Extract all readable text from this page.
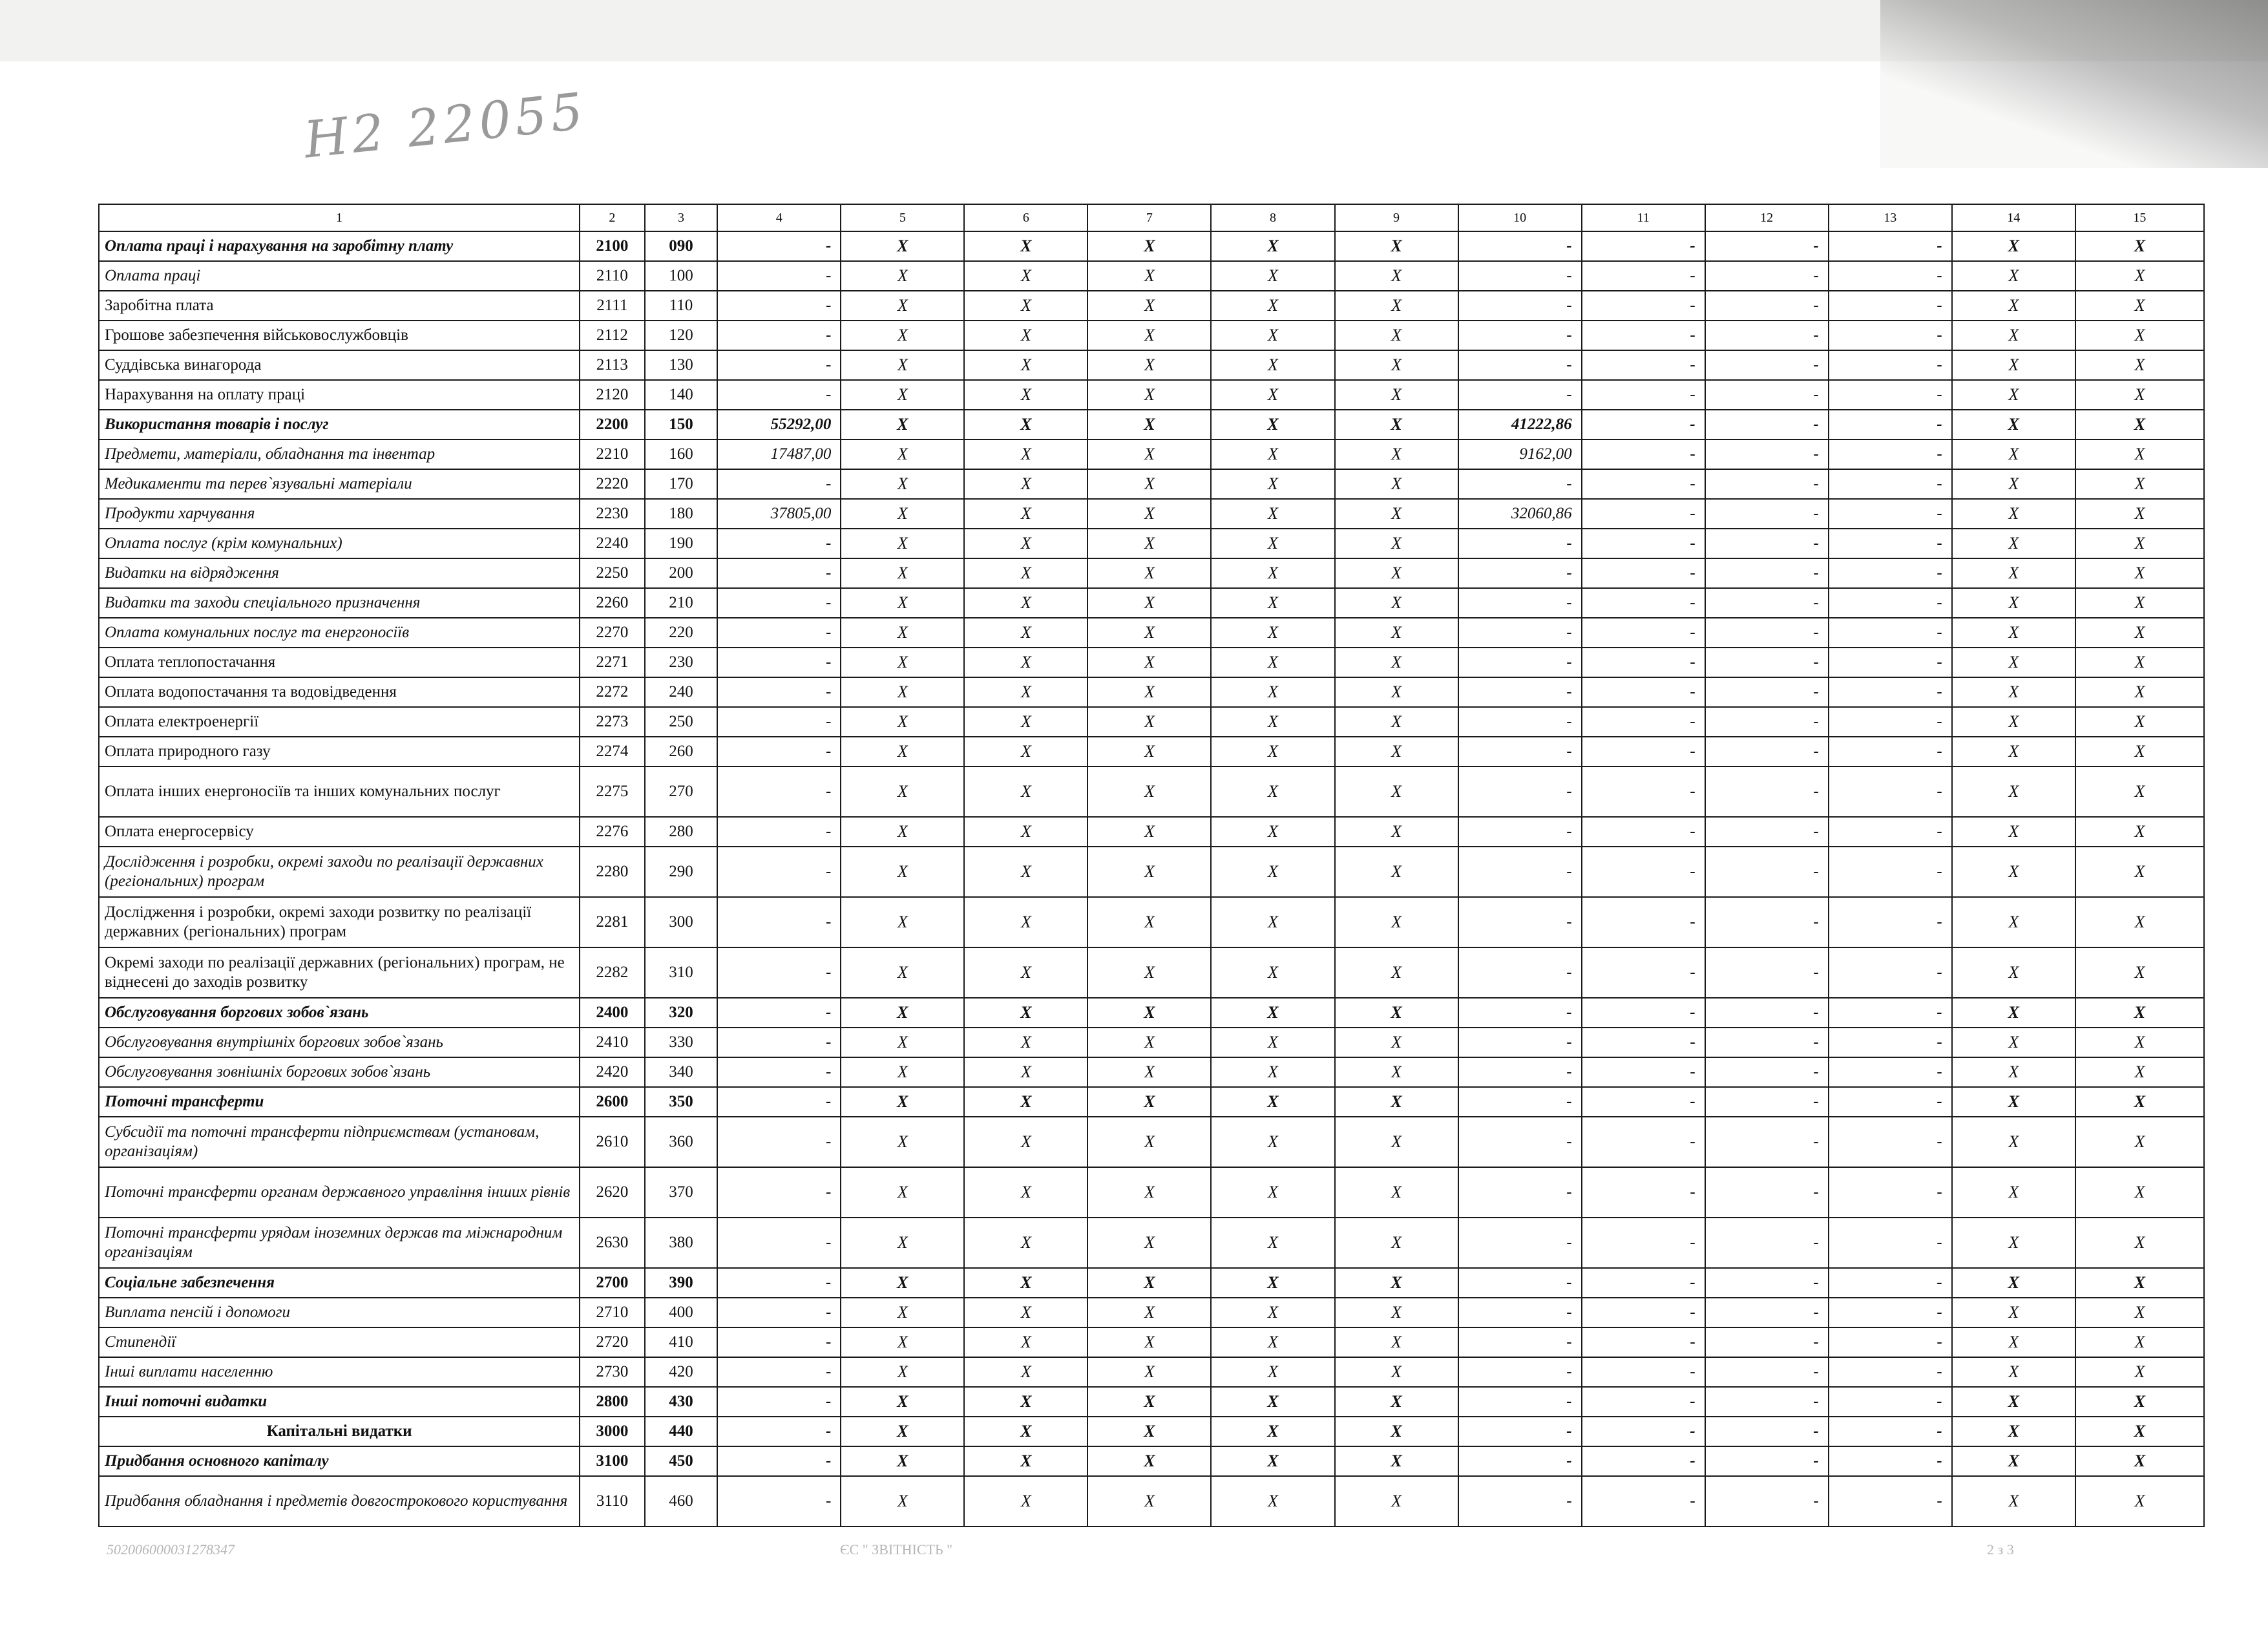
Н2 22055
1	2	3	4	5	6	7	8	9	10	11	12	13	14	15
Оплата праці і нарахування на заробітну плату	2100	090	-	X	X	X	X	X	-	-	-	-	X	X
Оплата праці	2110	100	-	X	X	X	X	X	-	-	-	-	X	X
Заробітна плата	2111	110	-	X	X	X	X	X	-	-	-	-	X	X
Грошове забезпечення військовослужбовців	2112	120	-	X	X	X	X	X	-	-	-	-	X	X
Суддівська винагорода	2113	130	-	X	X	X	X	X	-	-	-	-	X	X
Нарахування на оплату праці	2120	140	-	X	X	X	X	X	-	-	-	-	X	X
Використання товарів і послуг	2200	150	55292,00	X	X	X	X	X	41222,86	-	-	-	X	X
Предмети, матеріали, обладнання та інвентар	2210	160	17487,00	X	X	X	X	X	9162,00	-	-	-	X	X
Медикаменти та перев`язувальні матеріали	2220	170	-	X	X	X	X	X	-	-	-	-	X	X
Продукти харчування	2230	180	37805,00	X	X	X	X	X	32060,86	-	-	-	X	X
Оплата послуг (крім комунальних)	2240	190	-	X	X	X	X	X	-	-	-	-	X	X
Видатки на відрядження	2250	200	-	X	X	X	X	X	-	-	-	-	X	X
Видатки та заходи спеціального призначення	2260	210	-	X	X	X	X	X	-	-	-	-	X	X
Оплата комунальних послуг та енергоносіїв	2270	220	-	X	X	X	X	X	-	-	-	-	X	X
Оплата теплопостачання	2271	230	-	X	X	X	X	X	-	-	-	-	X	X
Оплата водопостачання та водовідведення	2272	240	-	X	X	X	X	X	-	-	-	-	X	X
Оплата електроенергії	2273	250	-	X	X	X	X	X	-	-	-	-	X	X
Оплата природного газу	2274	260	-	X	X	X	X	X	-	-	-	-	X	X
Оплата інших енергоносіїв та інших комунальних послуг	2275	270	-	X	X	X	X	X	-	-	-	-	X	X
Оплата енергосервісу	2276	280	-	X	X	X	X	X	-	-	-	-	X	X
Дослідження і розробки, окремі заходи по реалізації державних (регіональних) програм	2280	290	-	X	X	X	X	X	-	-	-	-	X	X
Дослідження і розробки, окремі заходи розвитку по реалізації державних (регіональних) програм	2281	300	-	X	X	X	X	X	-	-	-	-	X	X
Окремі заходи по реалізації державних (регіональних) програм, не віднесені до заходів розвитку	2282	310	-	X	X	X	X	X	-	-	-	-	X	X
Обслуговування боргових зобов`язань	2400	320	-	X	X	X	X	X	-	-	-	-	X	X
Обслуговування внутрішніх боргових зобов`язань	2410	330	-	X	X	X	X	X	-	-	-	-	X	X
Обслуговування зовнішніх боргових зобов`язань	2420	340	-	X	X	X	X	X	-	-	-	-	X	X
Поточні трансферти	2600	350	-	X	X	X	X	X	-	-	-	-	X	X
Субсидії та поточні трансферти підприємствам (установам, організаціям)	2610	360	-	X	X	X	X	X	-	-	-	-	X	X
Поточні трансферти органам державного управління інших рівнів	2620	370	-	X	X	X	X	X	-	-	-	-	X	X
Поточні трансферти урядам іноземних держав та міжнародним організаціям	2630	380	-	X	X	X	X	X	-	-	-	-	X	X
Соціальне забезпечення	2700	390	-	X	X	X	X	X	-	-	-	-	X	X
Виплата пенсій і допомоги	2710	400	-	X	X	X	X	X	-	-	-	-	X	X
Стипендії	2720	410	-	X	X	X	X	X	-	-	-	-	X	X
Інші виплати населенню	2730	420	-	X	X	X	X	X	-	-	-	-	X	X
Інші поточні видатки	2800	430	-	X	X	X	X	X	-	-	-	-	X	X
Капітальні видатки	3000	440	-	X	X	X	X	X	-	-	-	-	X	X
Придбання основного капіталу	3100	450	-	X	X	X	X	X	-	-	-	-	X	X
Придбання обладнання і предметів довгострокового користування	3110	460	-	X	X	X	X	X	-	-	-	-	X	X
502006000031278347	ЄС " ЗВІТНІСТЬ "	2 з 3
